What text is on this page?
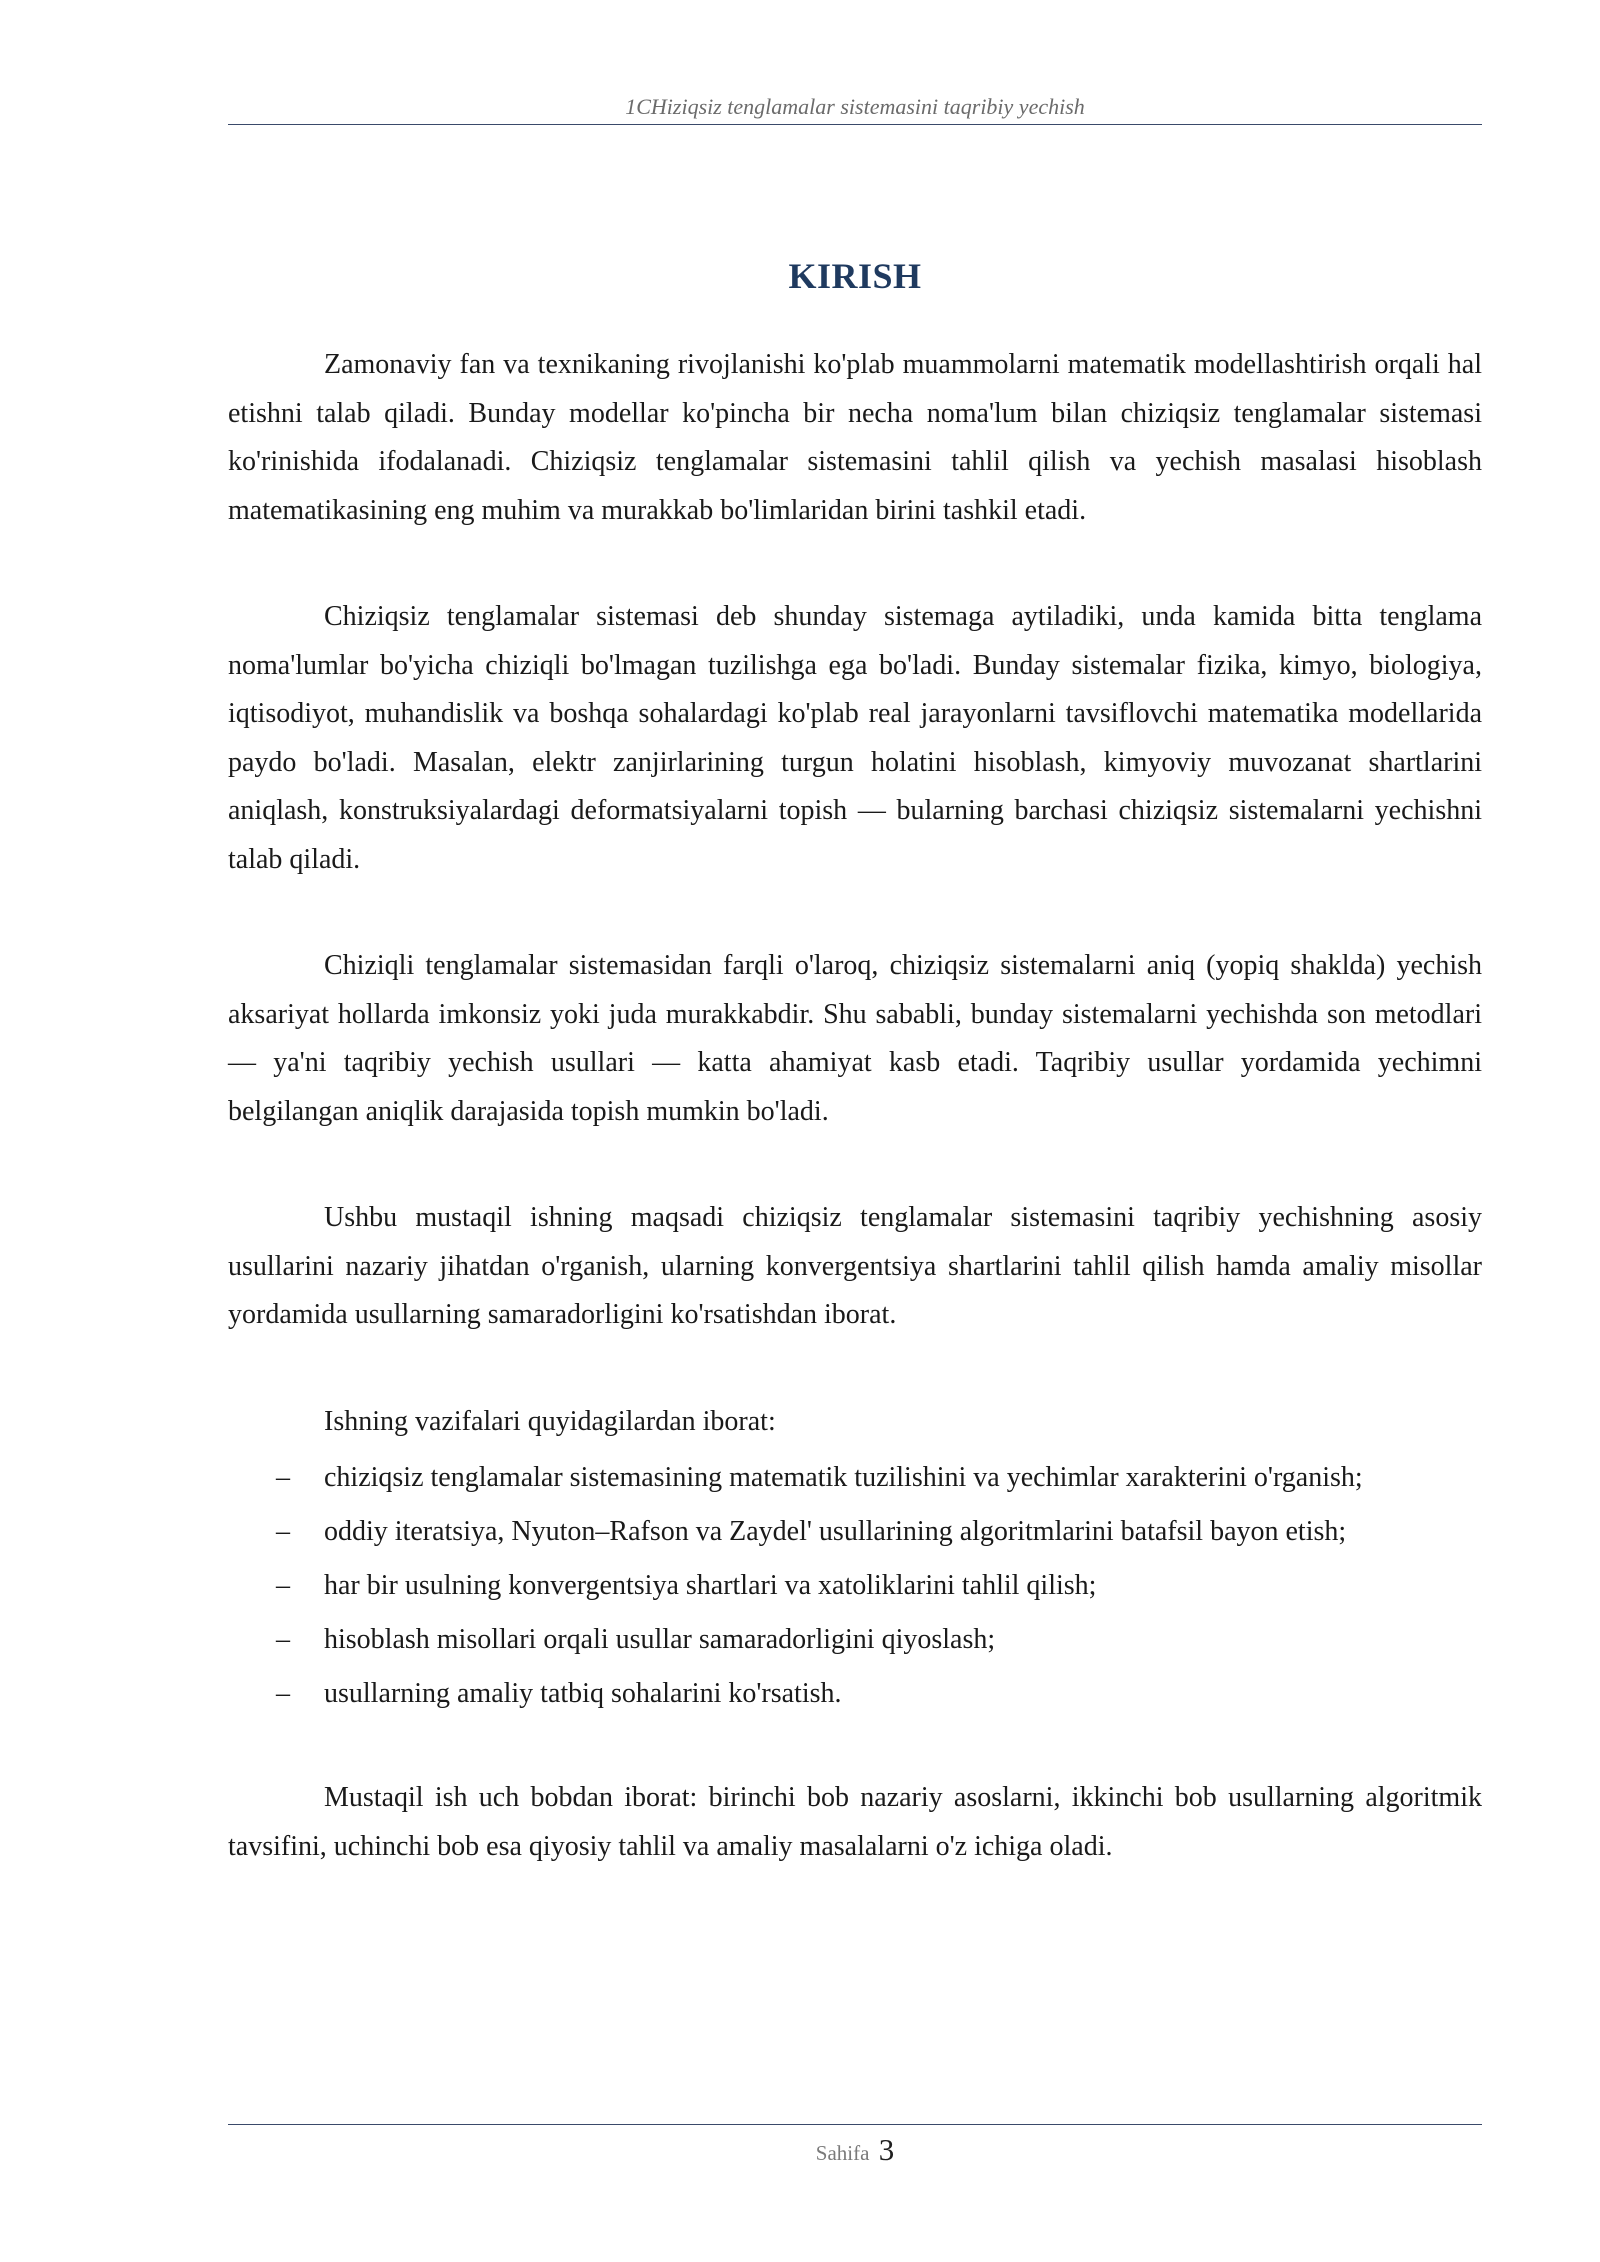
1CHiziqsiz tenglamalar sistemasini taqribiy yechish
KIRISH

Zamonaviy fan va texnikaning rivojlanishi ko'plab muammolarni matematik modellashtirish orqali hal etishni talab qiladi. Bunday modellar ko'pincha bir necha noma'lum bilan chiziqsiz tenglamalar sistemasi ko'rinishida ifodalanadi. Chiziqsiz tenglamalar sistemasini tahlil qilish va yechish masalasi hisoblash matematikasining eng muhim va murakkab bo'limlaridan birini tashkil etadi.

Chiziqsiz tenglamalar sistemasi deb shunday sistemaga aytiladiki, unda kamida bitta tenglama noma'lumlar bo'yicha chiziqli bo'lmagan tuzilishga ega bo'ladi. Bunday sistemalar fizika, kimyo, biologiya, iqtisodiyot, muhandislik va boshqa sohalardagi ko'plab real jarayonlarni tavsiflovchi matematika modellarida paydo bo'ladi. Masalan, elektr zanjirlarining turgun holatini hisoblash, kimyoviy muvozanat shartlarini aniqlash, konstruksiyalardagi deformatsiyalarni topish — bularning barchasi chiziqsiz sistemalarni yechishni talab qiladi.

Chiziqli tenglamalar sistemasidan farqli o'laroq, chiziqsiz sistemalarni aniq (yopiq shaklda) yechish aksariyat hollarda imkonsiz yoki juda murakkabdir. Shu sababli, bunday sistemalarni yechishda son metodlari — ya'ni taqribiy yechish usullari — katta ahamiyat kasb etadi. Taqribiy usullar yordamida yechimni belgilangan aniqlik darajasida topish mumkin bo'ladi.

Ushbu mustaqil ishning maqsadi chiziqsiz tenglamalar sistemasini taqribiy yechishning asosiy usullarini nazariy jihatdan o'rganish, ularning konvergentsiya shartlarini tahlil qilish hamda amaliy misollar yordamida usullarning samaradorligini ko'rsatishdan iborat.

Ishning vazifalari quyidagilardan iborat:

– chiziqsiz tenglamalar sistemasining matematik tuzilishini va yechimlar xarakterini o'rganish;
– oddiy iteratsiya, Nyuton–Rafson va Zaydel' usullarining algoritmlarini batafsil bayon etish;
– har bir usulning konvergentsiya shartlari va xatoliklarini tahlil qilish;
– hisoblash misollari orqali usullar samaradorligini qiyoslash;
– usullarning amaliy tatbiq sohalarini ko'rsatish.

Mustaqil ish uch bobdan iborat: birinchi bob nazariy asoslarni, ikkinchi bob usullarning algoritmik tavsifini, uchinchi bob esa qiyosiy tahlil va amaliy masalalarni o'z ichiga oladi.

Sahifa 3
